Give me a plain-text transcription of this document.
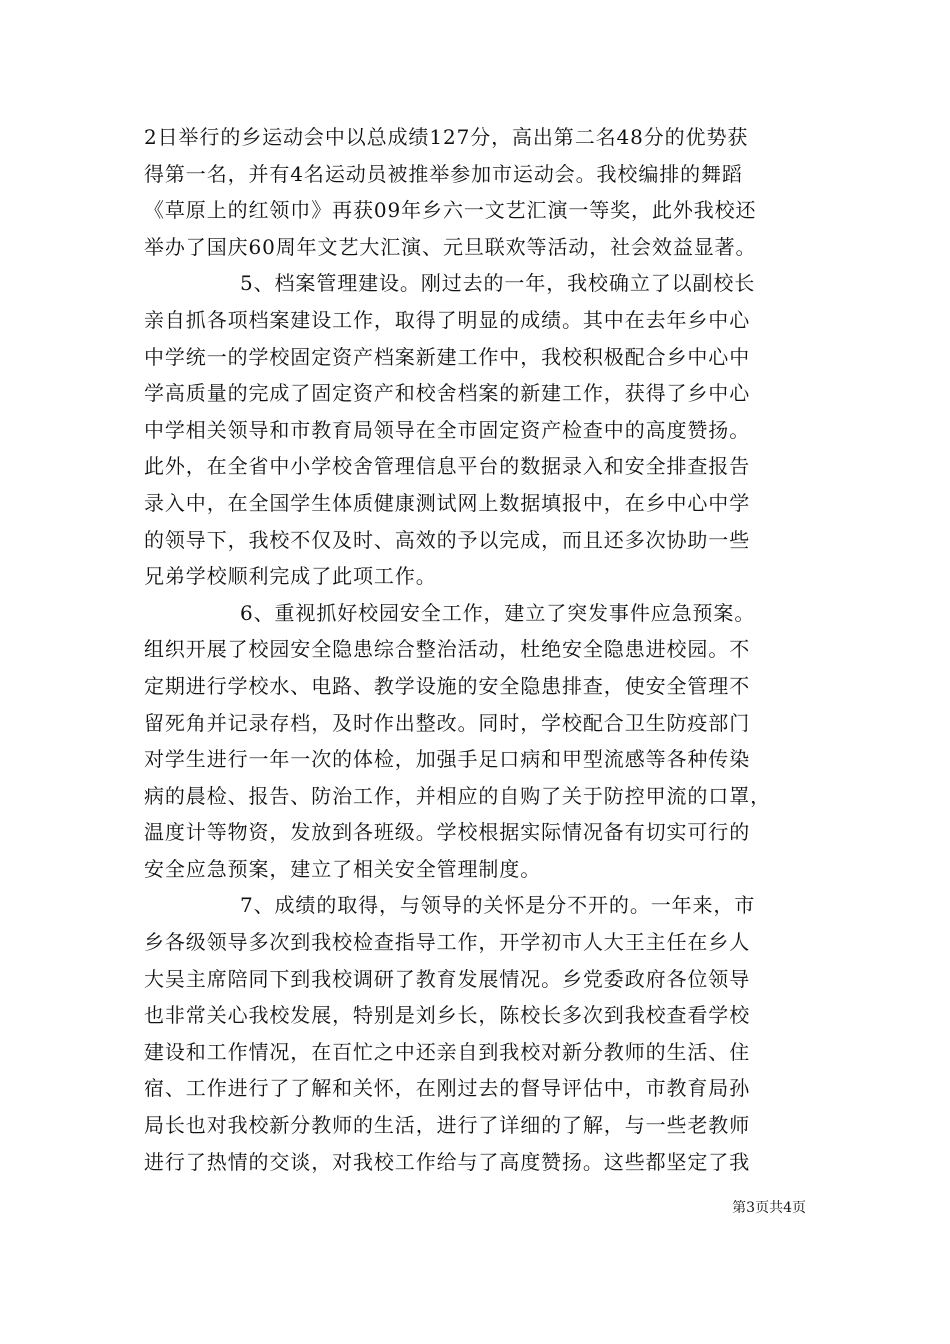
2日举行的乡运动会中以总成绩127分，高出第二名48分的优势获
得第一名，并有4名运动员被推举参加市运动会。我校编排的舞蹈
《草原上的红领巾》再获09年乡六一文艺汇演一等奖，此外我校还
举办了国庆60周年文艺大汇演、元旦联欢等活动，社会效益显著。
5、档案管理建设。刚过去的一年，我校确立了以副校长
亲自抓各项档案建设工作，取得了明显的成绩。其中在去年乡中心
中学统一的学校固定资产档案新建工作中，我校积极配合乡中心中
学高质量的完成了固定资产和校舍档案的新建工作，获得了乡中心
中学相关领导和市教育局领导在全市固定资产检查中的高度赞扬。
此外，在全省中小学校舍管理信息平台的数据录入和安全排查报告
录入中，在全国学生体质健康测试网上数据填报中，在乡中心中学
的领导下，我校不仅及时、高效的予以完成，而且还多次协助一些
兄弟学校顺利完成了此项工作。
6、重视抓好校园安全工作，建立了突发事件应急预案。
组织开展了校园安全隐患综合整治活动，杜绝安全隐患进校园。不
定期进行学校水、电路、教学设施的安全隐患排查，使安全管理不
留死角并记录存档，及时作出整改。同时，学校配合卫生防疫部门
对学生进行一年一次的体检，加强手足口病和甲型流感等各种传染
病的晨检、报告、防治工作，并相应的自购了关于防控甲流的口罩，
温度计等物资，发放到各班级。学校根据实际情况备有切实可行的
安全应急预案，建立了相关安全管理制度。
7、成绩的取得，与领导的关怀是分不开的。一年来，市
乡各级领导多次到我校检查指导工作，开学初市人大王主任在乡人
大吴主席陪同下到我校调研了教育发展情况。乡党委政府各位领导
也非常关心我校发展，特别是刘乡长，陈校长多次到我校查看学校
建设和工作情况，在百忙之中还亲自到我校对新分教师的生活、住
宿、工作进行了了解和关怀，在刚过去的督导评估中，市教育局孙
局长也对我校新分教师的生活，进行了详细的了解，与一些老教师
进行了热情的交谈，对我校工作给与了高度赞扬。这些都坚定了我
第3页共4页
